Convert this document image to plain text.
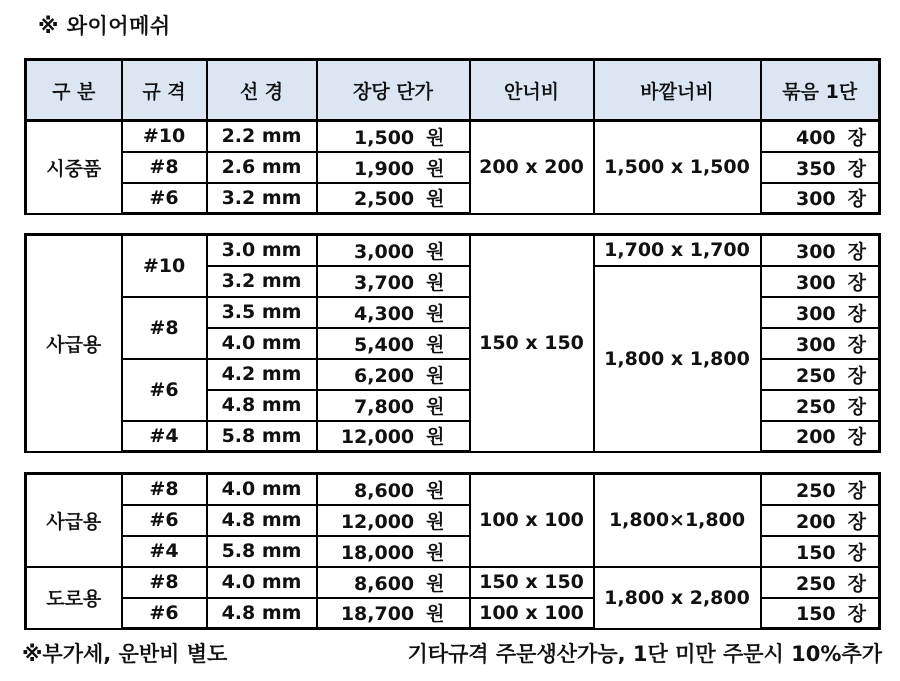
※ 와이어메쉬
구 분	규 격	선 경	장당 단가	안너비	바깥너비	묶음 1단
시중품	#10	2.2 mm	1,500 원	200 x 200	1,500 x 1,500	400 장
	#8	2.6 mm	1,900 원			350 장
	#6	3.2 mm	2,500 원			300 장
사급용	#10	3.0 mm	3,000 원	150 x 150	1,700 x 1,700	300 장
		3.2 mm	3,700 원		1,800 x 1,800	300 장
	#8	3.5 mm	4,300 원			300 장
		4.0 mm	5,400 원			300 장
	#6	4.2 mm	6,200 원			250 장
		4.8 mm	7,800 원			250 장
	#4	5.8 mm	12,000 원			200 장
사급용	#8	4.0 mm	8,600 원	100 x 100	1,800×1,800	250 장
	#6	4.8 mm	12,000 원			200 장
	#4	5.8 mm	18,000 원			150 장
도로용	#8	4.0 mm	8,600 원	150 x 150	1,800 x 2,800	250 장
	#6	4.8 mm	18,700 원	100 x 100		150 장
※부가세, 운반비 별도	기타규격 주문생산가능, 1단 미만 주문시 10%추가
